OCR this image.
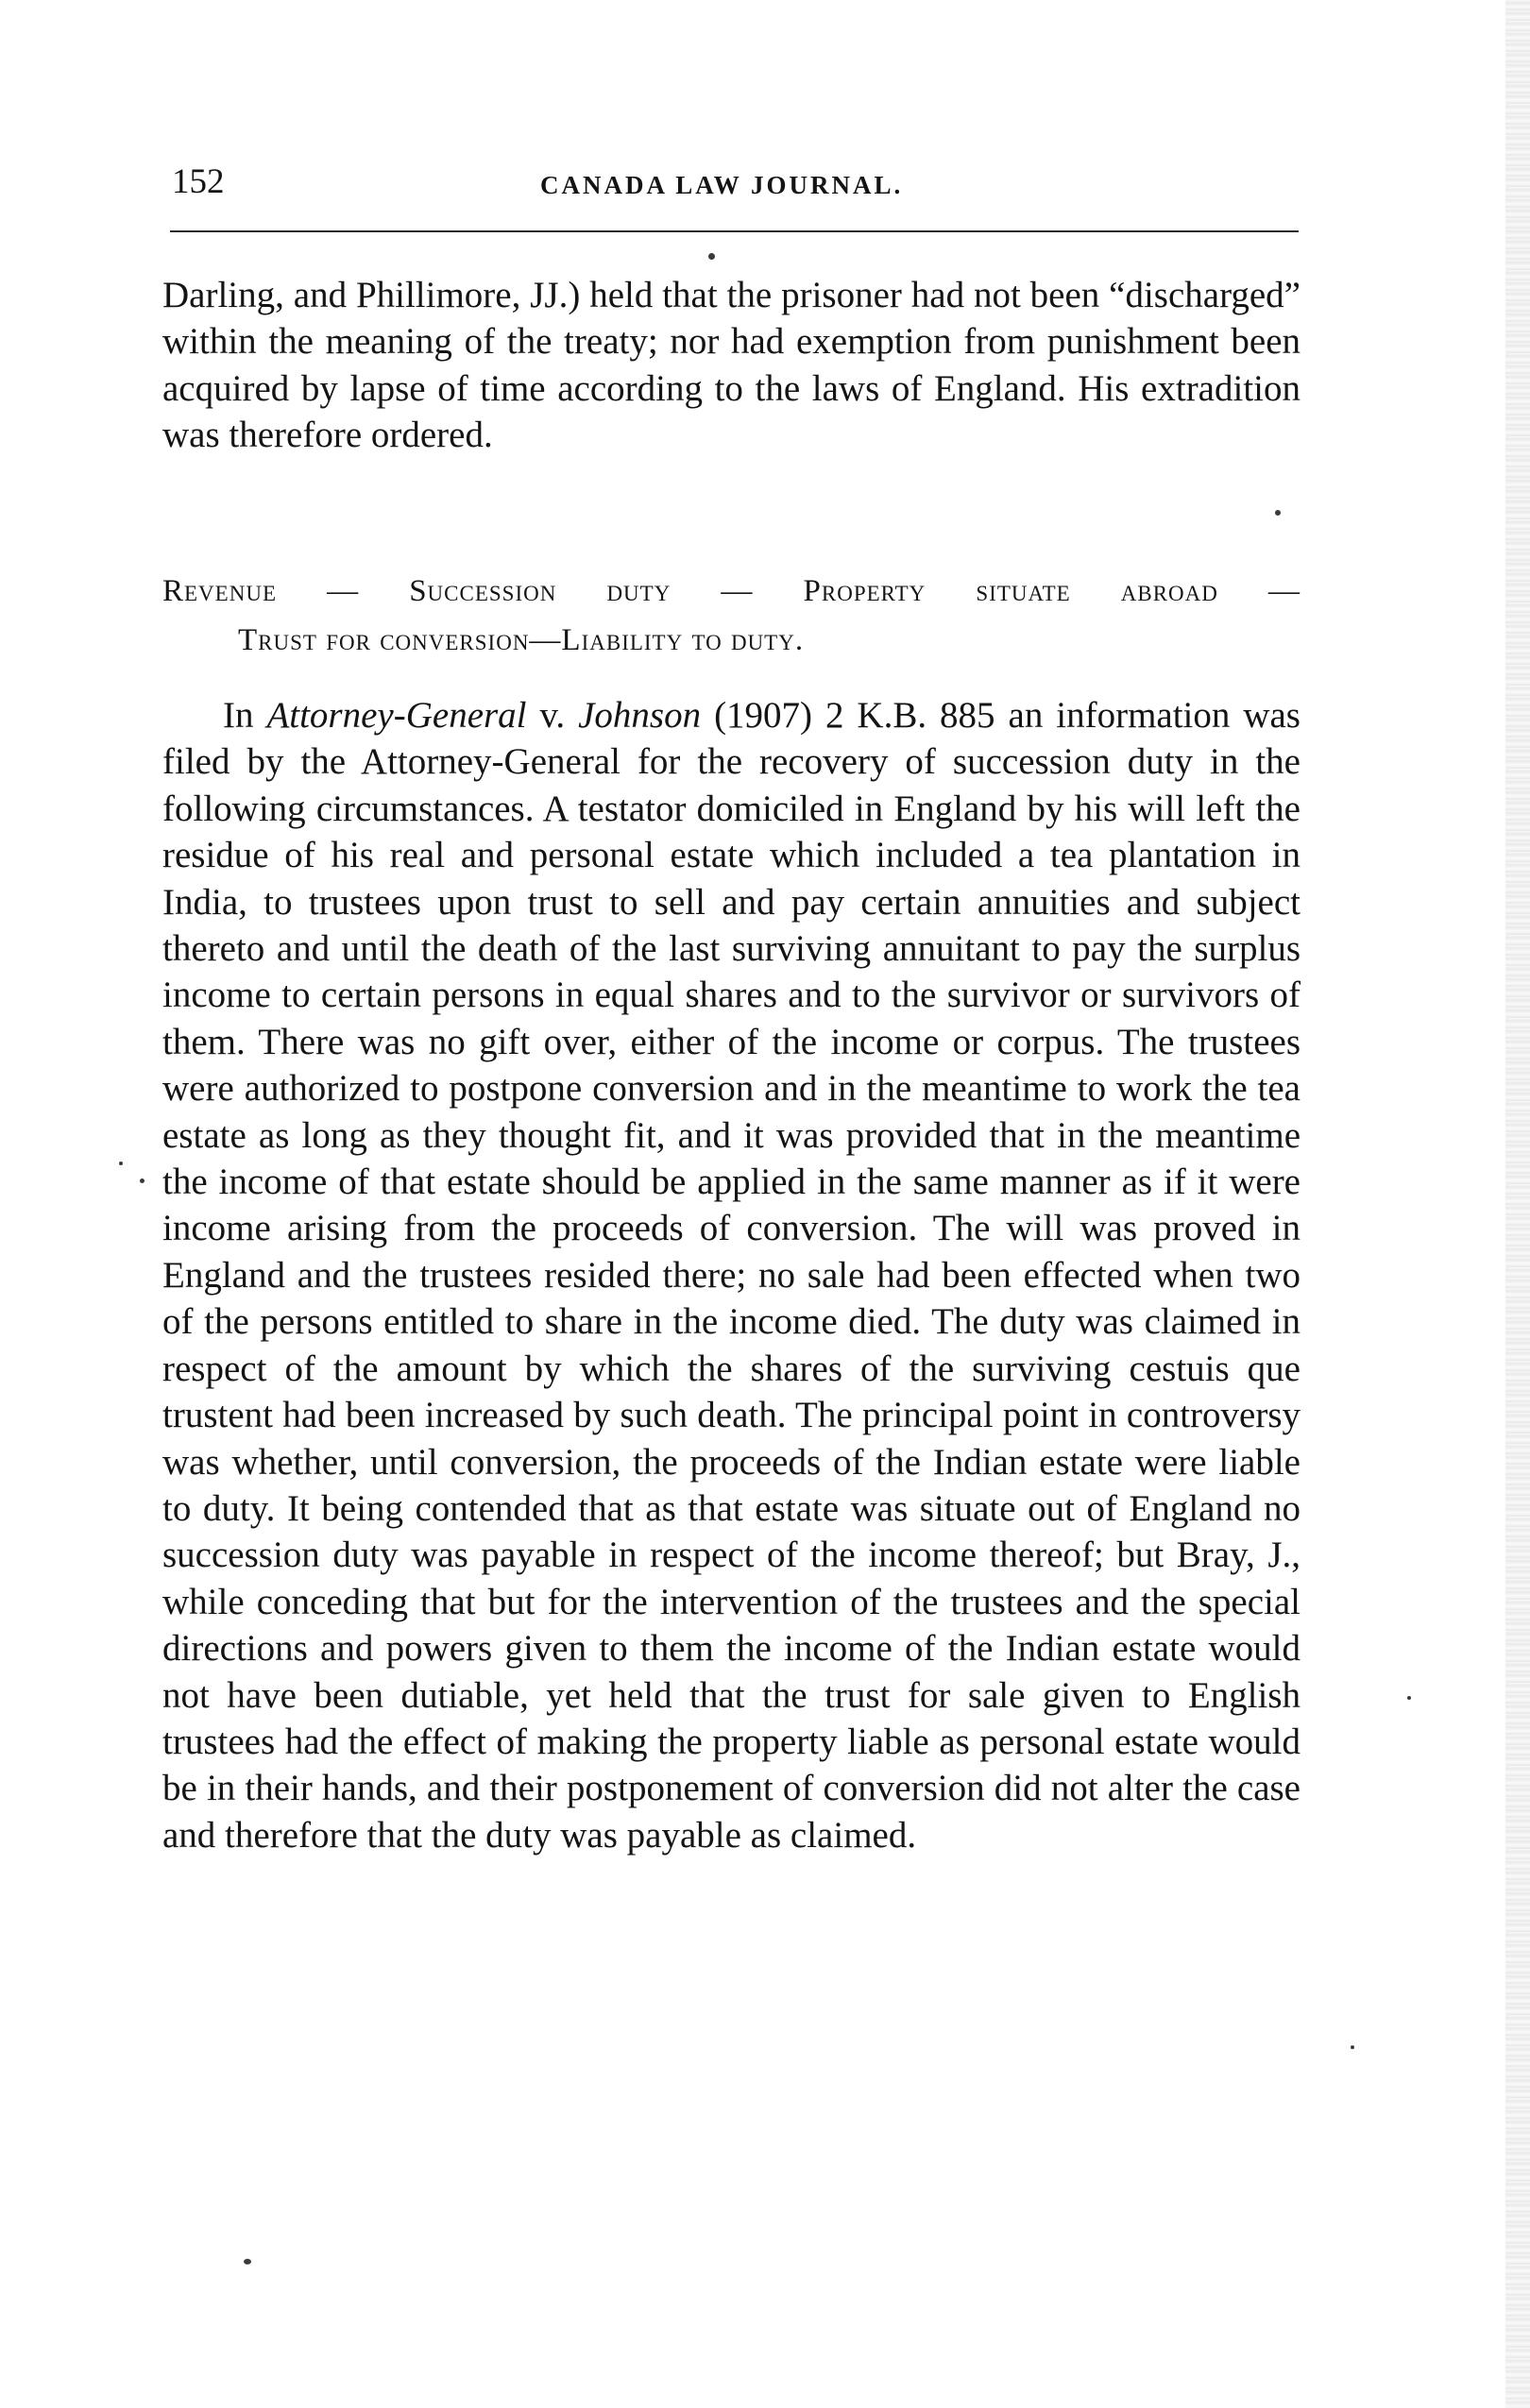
152	CANADA LAW JOURNAL.

Darling, and Phillimore, JJ.) held that the prisoner had not been “discharged” within the meaning of the treaty; nor had exemption from punishment been acquired by lapse of time according to the laws of England. His extradition was therefore ordered.

Revenue — Succession duty — Property situate abroad —
Trust for conversion—Liability to duty.

In Attorney-General v. Johnson (1907) 2 K.B. 885 an information was filed by the Attorney-General for the recovery of succession duty in the following circumstances. A testator domiciled in England by his will left the residue of his real and personal estate which included a tea plantation in India, to trustees upon trust to sell and pay certain annuities and subject thereto and until the death of the last surviving annuitant to pay the surplus income to certain persons in equal shares and to the survivor or survivors of them. There was no gift over, either of the income or corpus. The trustees were authorized to postpone conversion and in the meantime to work the tea estate as long as they thought fit, and it was provided that in the meantime the income of that estate should be applied in the same manner as if it were income arising from the proceeds of conversion. The will was proved in England and the trustees resided there; no sale had been effected when two of the persons entitled to share in the income died. The duty was claimed in respect of the amount by which the shares of the surviving cestuis que trustent had been increased by such death. The principal point in controversy was whether, until conversion, the proceeds of the Indian estate were liable to duty. It being contended that as that estate was situate out of England no succession duty was payable in respect of the income thereof; but Bray, J., while conceding that but for the intervention of the trustees and the special directions and powers given to them the income of the Indian estate would not have been dutiable, yet held that the trust for sale given to English trustees had the effect of making the property liable as personal estate would be in their hands, and their postponement of conversion did not alter the case and therefore that the duty was payable as claimed.
